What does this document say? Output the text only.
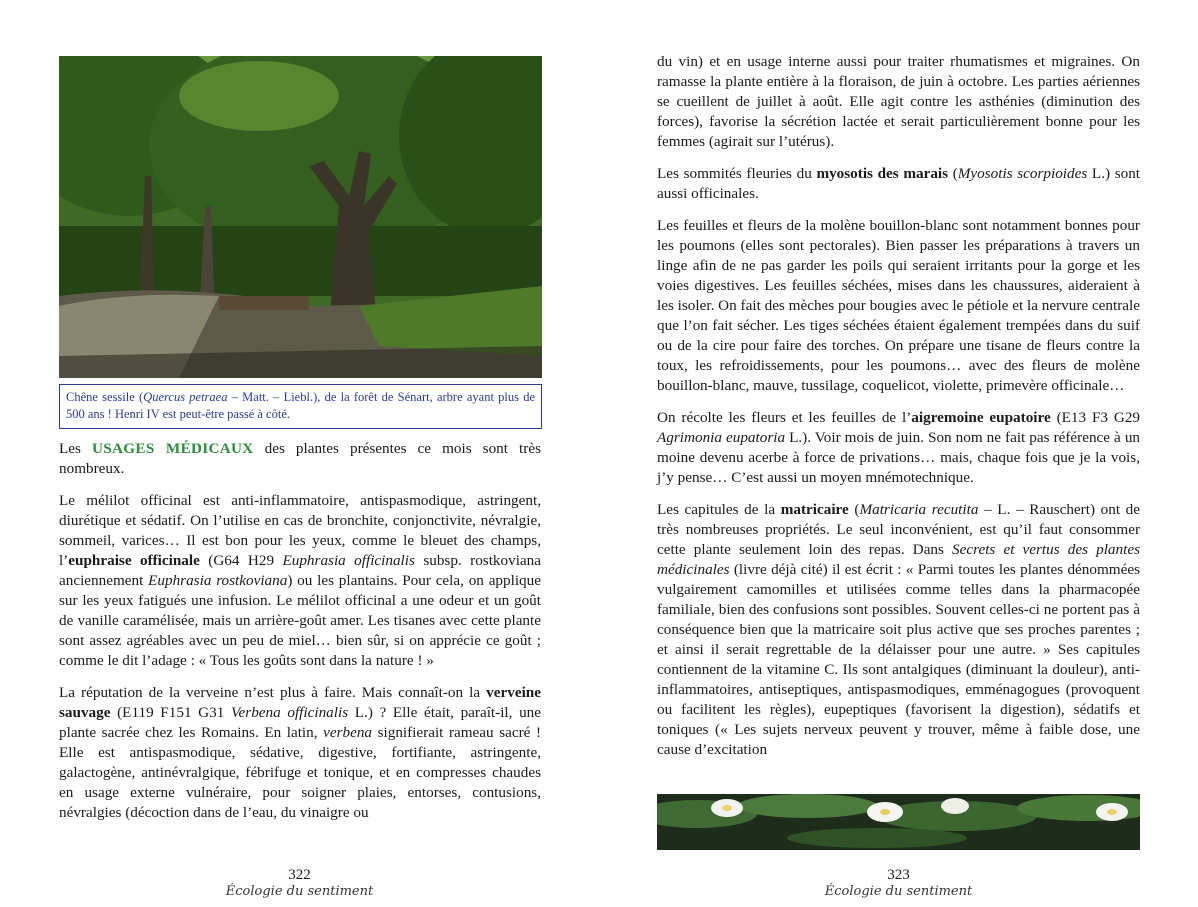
Chêne sessile (Quercus petraea – Matt. – Liebl.), de la forêt de Sénart, arbre ayant plus de 500 ans ! Henri IV est peut-être passé à côté.

Les USAGES MÉDICAUX des plantes présentes ce mois sont très nombreux.

Le mélilot officinal est anti-inflammatoire, antispasmodique, astringent, diurétique et sédatif. On l’utilise en cas de bronchite, conjonctivite, névralgie, sommeil, varices… Il est bon pour les yeux, comme le bleuet des champs, l’euphraise officinale (G64 H29 Euphrasia officinalis subsp. rostkoviana anciennement Euphrasia rostkoviana) ou les plantains. Pour cela, on applique sur les yeux fatigués une infusion. Le mélilot officinal a une odeur et un goût de vanille caramélisée, mais un arrière-goût amer. Les tisanes avec cette plante sont assez agréables avec un peu de miel… bien sûr, si on apprécie ce goût ; comme le dit l’adage : « Tous les goûts sont dans la nature ! »

La réputation de la verveine n’est plus à faire. Mais connaît-on la verveine sauvage (E119 F151 G31 Verbena officinalis L.) ? Elle était, paraît-il, une plante sacrée chez les Romains. En latin, verbena signifierait rameau sacré ! Elle est antispasmodique, sédative, digestive, fortifiante, astringente, galactogène, antinévralgique, fébrifuge et tonique, et en compresses chaudes en usage externe vulnéraire, pour soigner plaies, entorses, contusions, névralgies (décoction dans de l’eau, du vinaigre ou

322
Écologie du sentiment

du vin) et en usage interne aussi pour traiter rhumatismes et migraines. On ramasse la plante entière à la floraison, de juin à octobre. Les parties aériennes se cueillent de juillet à août. Elle agit contre les asthénies (diminution des forces), favorise la sécrétion lactée et serait particulièrement bonne pour les femmes (agirait sur l’utérus).

Les sommités fleuries du myosotis des marais (Myosotis scorpioides L.) sont aussi officinales.

Les feuilles et fleurs de la molène bouillon-blanc sont notamment bonnes pour les poumons (elles sont pectorales). Bien passer les préparations à travers un linge afin de ne pas garder les poils qui seraient irritants pour la gorge et les voies digestives. Les feuilles séchées, mises dans les chaussures, aideraient à les isoler. On fait des mèches pour bougies avec le pétiole et la nervure centrale que l’on fait sécher. Les tiges séchées étaient également trempées dans du suif ou de la cire pour faire des torches. On prépare une tisane de fleurs contre la toux, les refroidissements, pour les poumons… avec des fleurs de molène bouillon-blanc, mauve, tussilage, coquelicot, violette, primevère officinale…

On récolte les fleurs et les feuilles de l’aigremoine eupatoire (E13 F3 G29 Agrimonia eupatoria L.). Voir mois de juin. Son nom ne fait pas référence à un moine devenu acerbe à force de privations… mais, chaque fois que je la vois, j’y pense… C’est aussi un moyen mnémotechnique.

Les capitules de la matricaire (Matricaria recutita – L. – Rauschert) ont de très nombreuses propriétés. Le seul inconvénient, est qu’il faut consommer cette plante seulement loin des repas. Dans Secrets et vertus des plantes médicinales (livre déjà cité) il est écrit : « Parmi toutes les plantes dénommées vulgairement camomilles et utilisées comme telles dans la pharmacopée familiale, bien des confusions sont possibles. Souvent celles-ci ne portent pas à conséquence bien que la matricaire soit plus active que ses proches parentes ; et ainsi il serait regrettable de la délaisser pour une autre. » Ses capitules contiennent de la vitamine C. Ils sont antalgiques (diminuant la douleur), anti-inflammatoires, antiseptiques, antispasmodiques, emménagogues (provoquent ou facilitent les règles), eupeptiques (favorisent la digestion), sédatifs et toniques (« Les sujets nerveux peuvent y trouver, même à faible dose, une cause d’excitation

323
Écologie du sentiment
